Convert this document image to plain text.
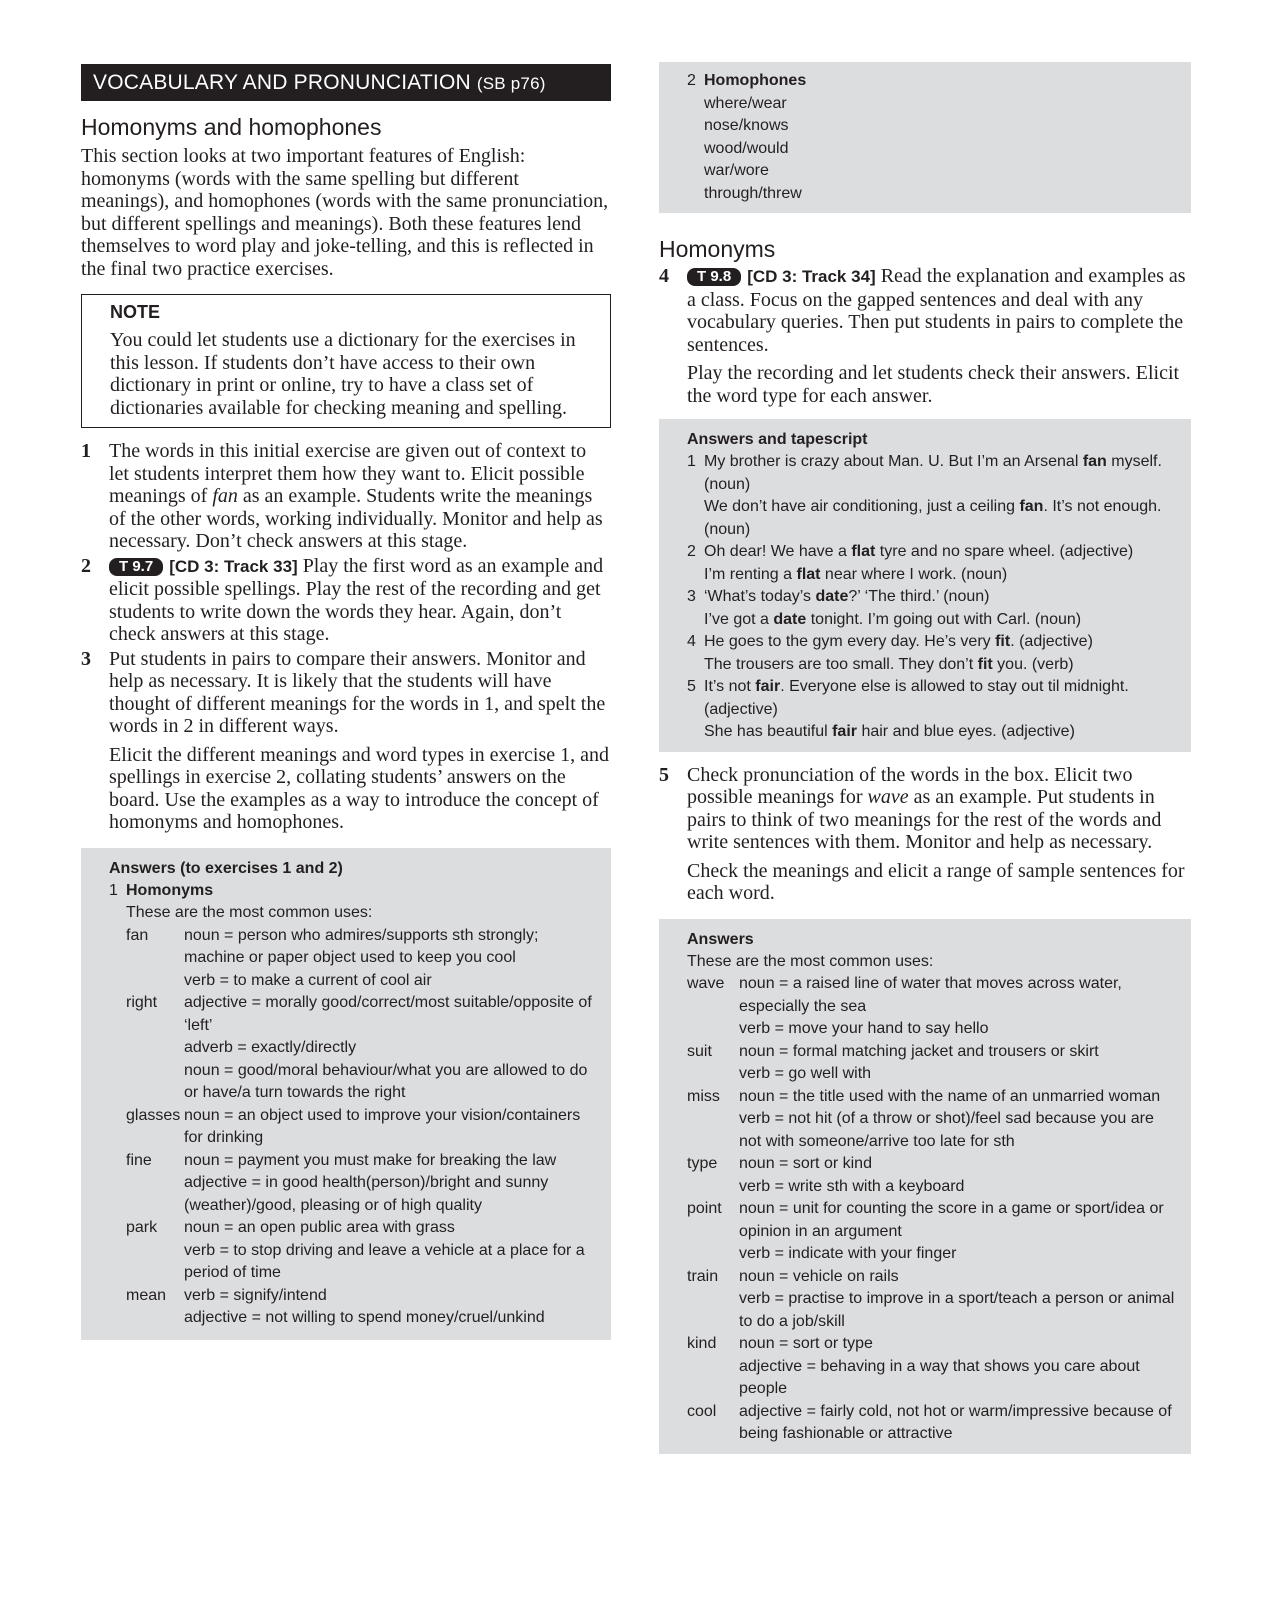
VOCABULARY AND PRONUNCIATION (SB p76)
Homonyms and homophones

This section looks at two important features of English: homonyms (words with the same spelling but different meanings), and homophones (words with the same pronunciation, but different spellings and meanings). Both these features lend themselves to word play and joke-telling, and this is reflected in the final two practice exercises.

NOTE

You could let students use a dictionary for the exercises in this lesson. If students don’t have access to their own dictionary in print or online, try to have a class set of dictionaries available for checking meaning and spelling.

1 The words in this initial exercise are given out of context to let students interpret them how they want to. Elicit possible meanings of fan as an example. Students write the meanings of the other words, working individually. Monitor and help as necessary. Don’t check answers at this stage.

2	T 9.7 [CD 3: Track 33] Play the first word as an example and elicit possible spellings. Play the rest of the recording and get students to write down the words they hear. Again, don’t check answers at this stage.

3 Put students in pairs to compare their answers. Monitor and help as necessary. It is likely that the students will have thought of different meanings for the words in 1, and spelt the words in 2 in different ways.

Elicit the different meanings and word types in exercise 1, and spellings in exercise 2, collating students’ answers on the board. Use the examples as a way to introduce the concept of homonyms and homophones.

Answers (to exercises 1 and 2)
1 Homonyms
These are the most common uses:
fan	noun = person who admires/supports sth strongly; machine or paper object used to keep you cool

verb = to make a current of cool air

right	adjective = morally good/correct/most suitable/opposite of ‘left’

adverb = exactly/directly

noun = good/moral behaviour/what you are allowed to do or have/a turn towards the right

glasses noun = an object used to improve your vision/containers for drinking

fine	noun = payment you must make for breaking the law

adjective = in good health(person)/bright and sunny (weather)/good, pleasing or of high quality

park	noun = an open public area with grass

verb = to stop driving and leave a vehicle at a place for a period of time

mean	verb = signify/intend

adjective = not willing to spend money/cruel/unkind

2 Homophones
where/wear
nose/knows
wood/would
war/wore
through/threw
Homonyms
4	T 9.8 [CD 3: Track 34] Read the explanation and examples as a class. Focus on the gapped sentences and deal with any vocabulary queries. Then put students in pairs to complete the sentences.

Play the recording and let students check their answers. Elicit the word type for each answer.

Answers and tapescript
1 My brother is crazy about Man. U. But I’m an Arsenal fan myself. (noun)
We don’t have air conditioning, just a ceiling fan. It’s not enough. (noun)
2 Oh dear! We have a flat tyre and no spare wheel. (adjective)
I’m renting a flat near where I work. (noun)
3 ‘What’s today’s date?’ ‘The third.’ (noun)
I’ve got a date tonight. I’m going out with Carl. (noun)
4 He goes to the gym every day. He’s very fit. (adjective)
The trousers are too small. They don’t fit you. (verb)
5 It’s not fair. Everyone else is allowed to stay out til midnight. (adjective)
She has beautiful fair hair and blue eyes. (adjective)
5 Check pronunciation of the words in the box. Elicit two possible meanings for wave as an example. Put students in pairs to think of two meanings for the rest of the words and write sentences with them. Monitor and help as necessary.

Check the meanings and elicit a range of sample sentences for each word.

Answers
These are the most common uses:
wave noun = a raised line of water that moves across water, especially the sea

verb = move your hand to say hello

suit	noun = formal matching jacket and trousers or skirt

verb = go well with

miss	noun = the title used with the name of an unmarried woman

verb = not hit (of a throw or shot)/feel sad because you are not with someone/arrive too late for sth

type	noun = sort or kind

verb = write sth with a keyboard

point	noun = unit for counting the score in a game or sport/idea or opinion in an argument

verb = indicate with your finger

train	noun = vehicle on rails

verb = practise to improve in a sport/teach a person or animal to do a job/skill

kind	noun = sort or type

adjective = behaving in a way that shows you care about people

cool	adjective = fairly cold, not hot or warm/impressive because of being fashionable or attractive
